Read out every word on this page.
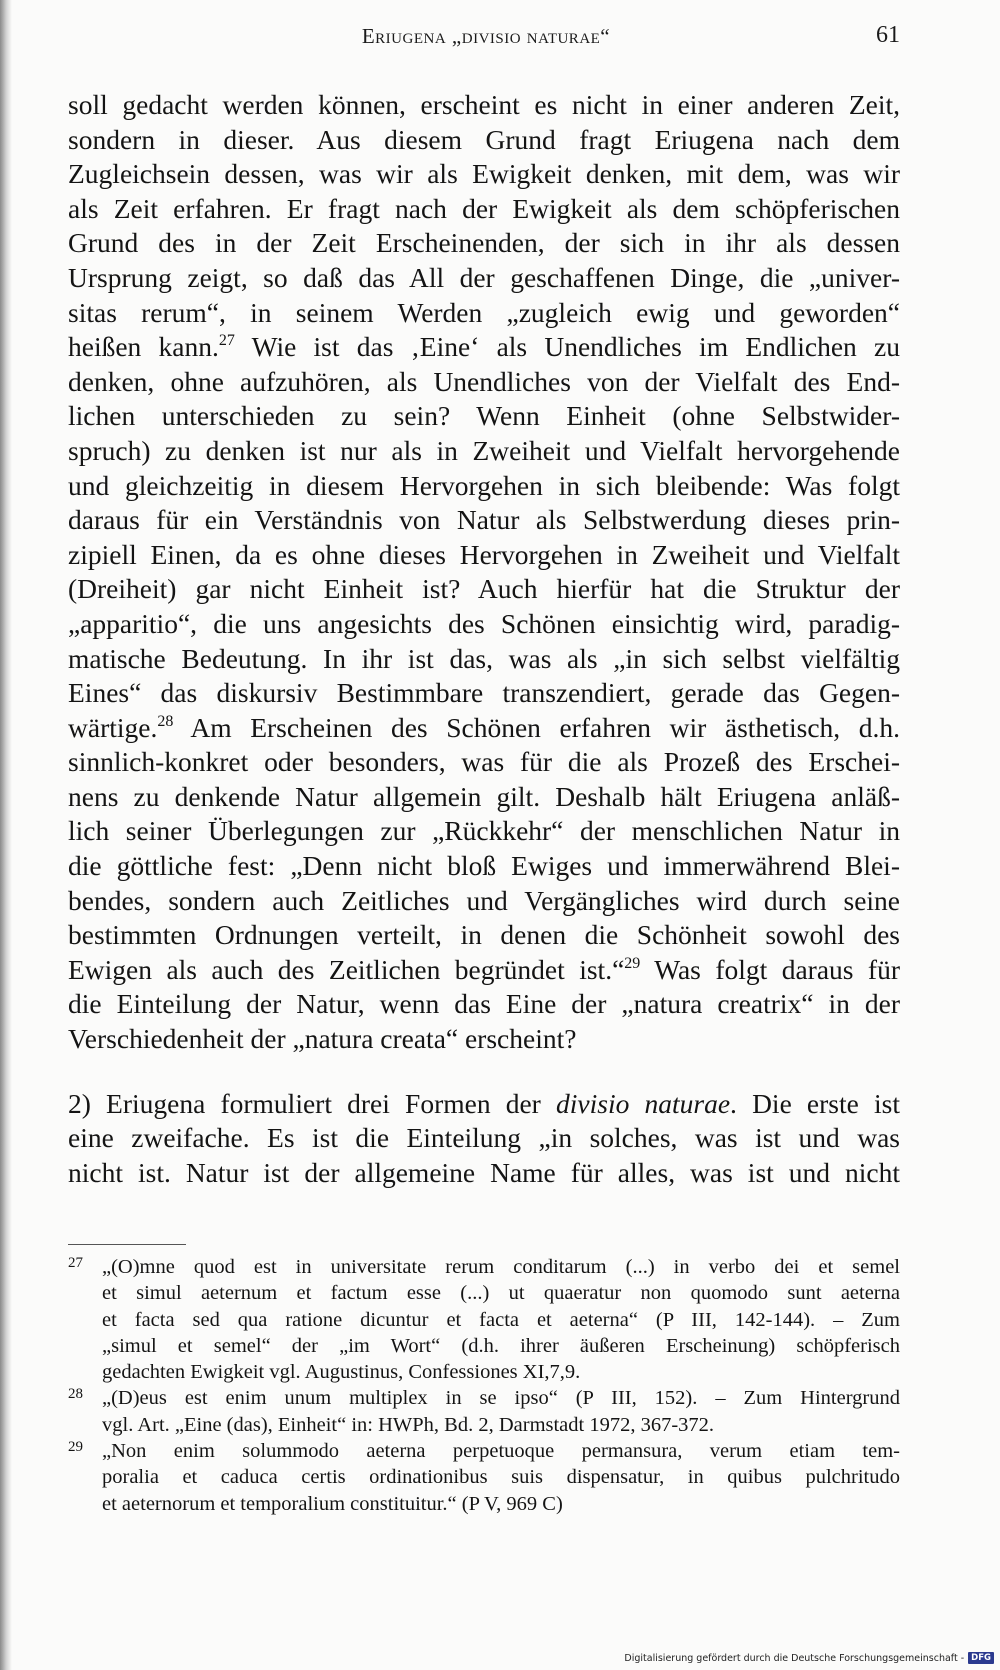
Eriugena „divisio naturae“	61
soll gedacht werden können, erscheint es nicht in einer anderen Zeit,
sondern in dieser. Aus diesem Grund fragt Eriugena nach dem
Zugleichsein dessen, was wir als Ewigkeit denken, mit dem, was wir
als Zeit erfahren. Er fragt nach der Ewigkeit als dem schöpferischen
Grund des in der Zeit Erscheinenden, der sich in ihr als dessen
Ursprung zeigt, so daß das All der geschaffenen Dinge, die „univer-
sitas rerum“, in seinem Werden „zugleich ewig und geworden“
heißen kann.$^{27}$ Wie ist das ‚Eine‘ als Unendliches im Endlichen zu
denken, ohne aufzuhören, als Unendliches von der Vielfalt des End-
lichen unterschieden zu sein? Wenn Einheit (ohne Selbstwider-
spruch) zu denken ist nur als in Zweiheit und Vielfalt hervorgehende
und gleichzeitig in diesem Hervorgehen in sich bleibende: Was folgt
daraus für ein Verständnis von Natur als Selbstwerdung dieses prin-
zipiell Einen, da es ohne dieses Hervorgehen in Zweiheit und Vielfalt
(Dreiheit) gar nicht Einheit ist? Auch hierfür hat die Struktur der
„apparitio“, die uns angesichts des Schönen einsichtig wird, paradig-
matische Bedeutung. In ihr ist das, was als „in sich selbst vielfältig
Eines“ das diskursiv Bestimmbare transzendiert, gerade das Gegen-
wärtige.$^{28}$ Am Erscheinen des Schönen erfahren wir ästhetisch, d.h.
sinnlich-konkret oder besonders, was für die als Prozeß des Erschei-
nens zu denkende Natur allgemein gilt. Deshalb hält Eriugena anläß-
lich seiner Überlegungen zur „Rückkehr“ der menschlichen Natur in
die göttliche fest: „Denn nicht bloß Ewiges und immerwährend Blei-
bendes, sondern auch Zeitliches und Vergängliches wird durch seine
bestimmten Ordnungen verteilt, in denen die Schönheit sowohl des
Ewigen als auch des Zeitlichen begründet ist.“$^{29}$ Was folgt daraus für
die Einteilung der Natur, wenn das Eine der „natura creatrix“ in der
Verschiedenheit der „natura creata“ erscheint?
2) Eriugena formuliert drei Formen der divisio naturae. Die erste ist
eine zweifache. Es ist die Einteilung „in solches, was ist und was
nicht ist. Natur ist der allgemeine Name für alles, was ist und nicht
27 „(O)mne quod est in universitate rerum conditarum (...) in verbo dei et semel
et simul aeternum et factum esse (...) ut quaeratur non quomodo sunt aeterna
et facta sed qua ratione dicuntur et facta et aeterna“ (P III, 142-144). – Zum
„simul et semel“ der „im Wort“ (d.h. ihrer äußeren Erscheinung) schöpferisch
gedachten Ewigkeit vgl. Augustinus, Confessiones XI,7,9.
28 „(D)eus est enim unum multiplex in se ipso“ (P III, 152). – Zum Hintergrund
vgl. Art. „Eine (das), Einheit“ in: HWPh, Bd. 2, Darmstadt 1972, 367-372.
29 „Non enim solummodo aeterna perpetuoque permansura, verum etiam tem-
poralia et caduca certis ordinationibus suis dispensatur, in quibus pulchritudo
et aeternorum et temporalium constituitur.“ (P V, 969 C)
Digitalisierung gefördert durch die Deutsche Forschungsgemeinschaft - DFG
